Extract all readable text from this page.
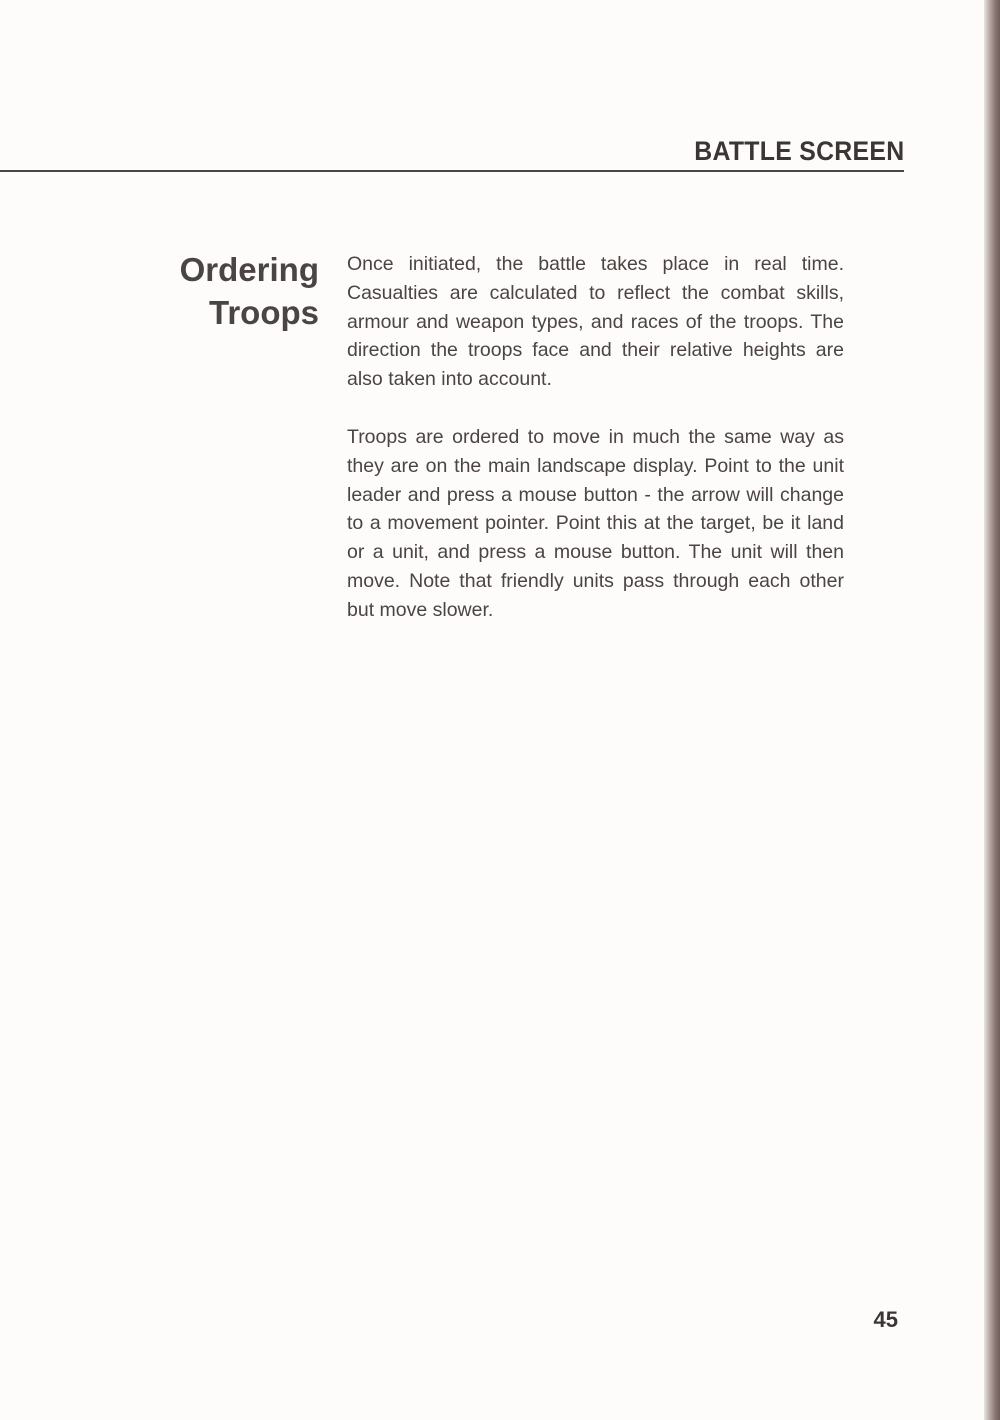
BATTLE SCREEN
Ordering
Troops

Once initiated, the battle takes place in real time. Casualties are calculated to reflect the combat skills, armour and weapon types, and races of the troops. The direction the troops face and their relative heights are also taken into account.

Troops are ordered to move in much the same way as they are on the main landscape display. Point to the unit leader and press a mouse button - the arrow will change to a movement pointer. Point this at the target, be it land or a unit, and press a mouse button. The unit will then move. Note that friendly units pass through each other but move slower.

45
